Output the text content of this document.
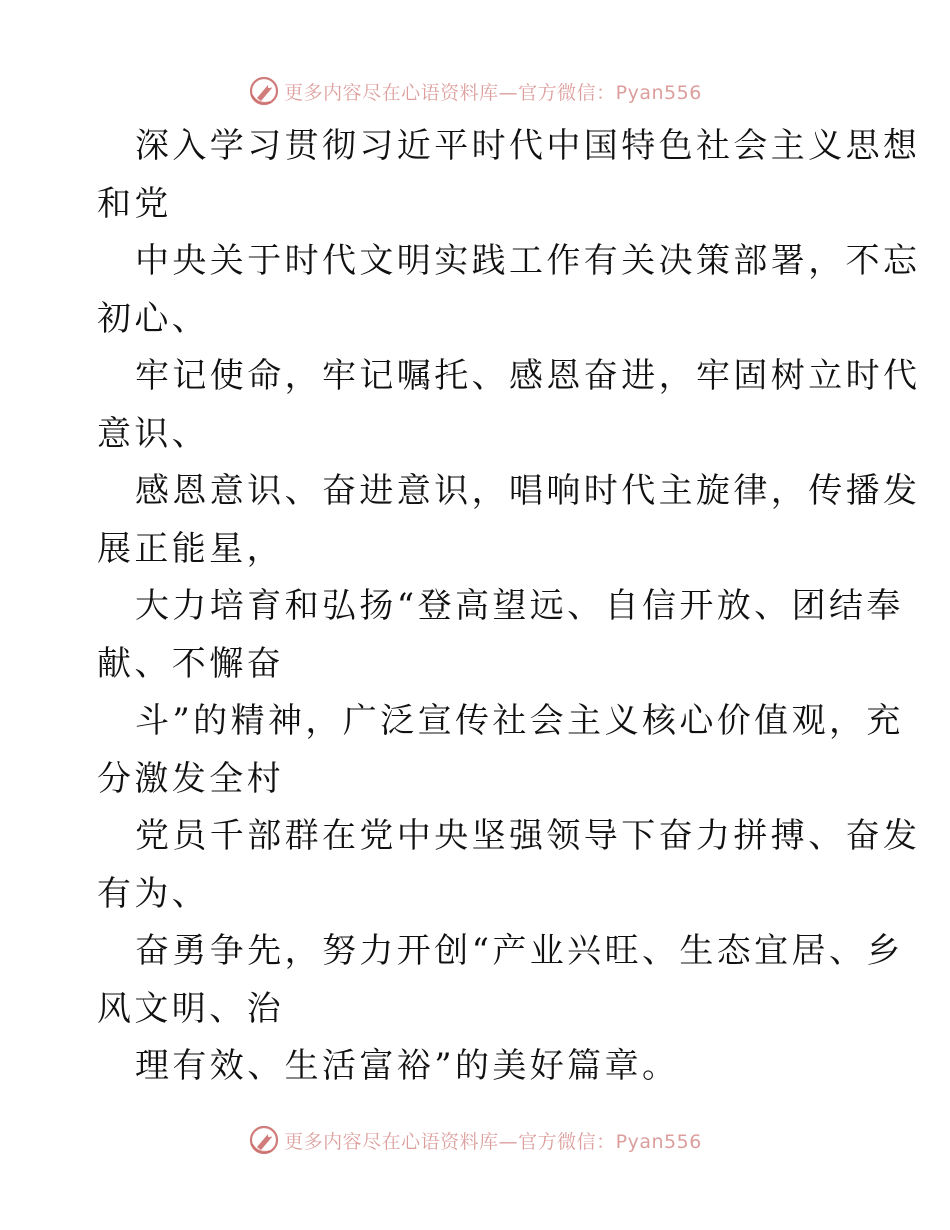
更多内容尽在心语资料库—官方微信：Pyan556
深入学习贯彻习近平时代中国特色社会主义思想
和党
中央关于时代文明实践工作有关决策部署，不忘
初心、
牢记使命，牢记嘱托、感恩奋进，牢固树立时代
意识、
感恩意识、奋进意识，唱响时代主旋律，传播发
展正能星，
大力培育和弘扬“登高望远、自信开放、团结奉
献、不懈奋
斗”的精神，广泛宣传社会主义核心价值观，充
分激发全村
党员千部群在党中央坚强领导下奋力拼搏、奋发
有为、
奋勇争先，努力开创“产业兴旺、生态宜居、乡
风文明、治
理有效、生活富裕”的美好篇章。
更多内容尽在心语资料库—官方微信：Pyan556
